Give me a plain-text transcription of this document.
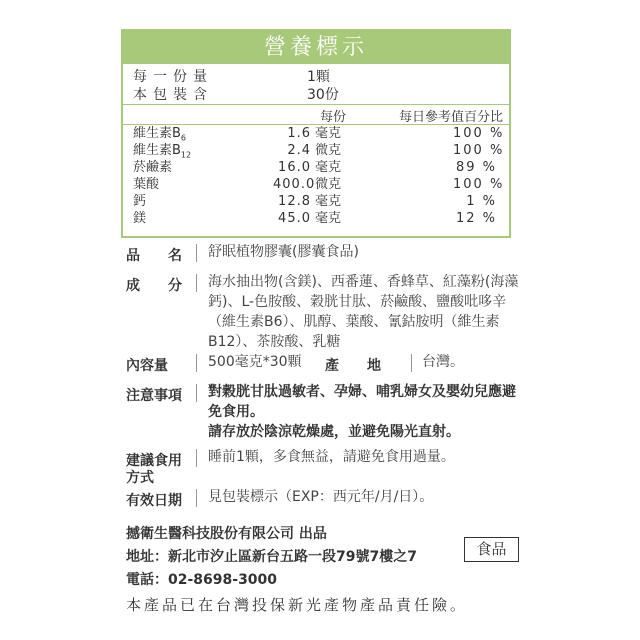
營養標示
每一份量	1顆
本包裝含	30份
每份	每日參考值百分比
維生素$B_6$	1.6 毫克	100 %
維生素$B_{12}$	2.4 微克	100 %
菸鹼素	16.0 毫克	89 %
葉酸	400.0 微克	100 %
鈣	12.8 毫克	1 %
鎂	45.0 毫克	12 %
品　　名 舒眠植物膠囊(膠囊食品)
成　　分 海水抽出物(含鎂)、西番蓮、香蜂草、紅藻粉(海藻鈣)、L-色胺酸、穀胱甘肽、菸鹼酸、鹽酸吡哆辛（維生素B6）、肌醇、葉酸、氰鈷胺明（維生素B12）、茶胺酸、乳糖
內容量	500毫克*30顆	產　　地	台灣。
注意事項 對穀胱甘肽過敏者、孕婦、哺乳婦女及嬰幼兒應避免食用。
請存放於陰涼乾燥處，並避免陽光直射。
建議食用
方式
睡前1顆，多食無益，請避免食用過量。
有效日期 見包裝標示（EXP：西元年/月/日）。
撼衛生醫科技股份有限公司 出品
地址：新北市汐止區新台五路一段79號7樓之7
電話：02-8698-3000
食品
本產品已在台灣投保新光產物產品責任險。
